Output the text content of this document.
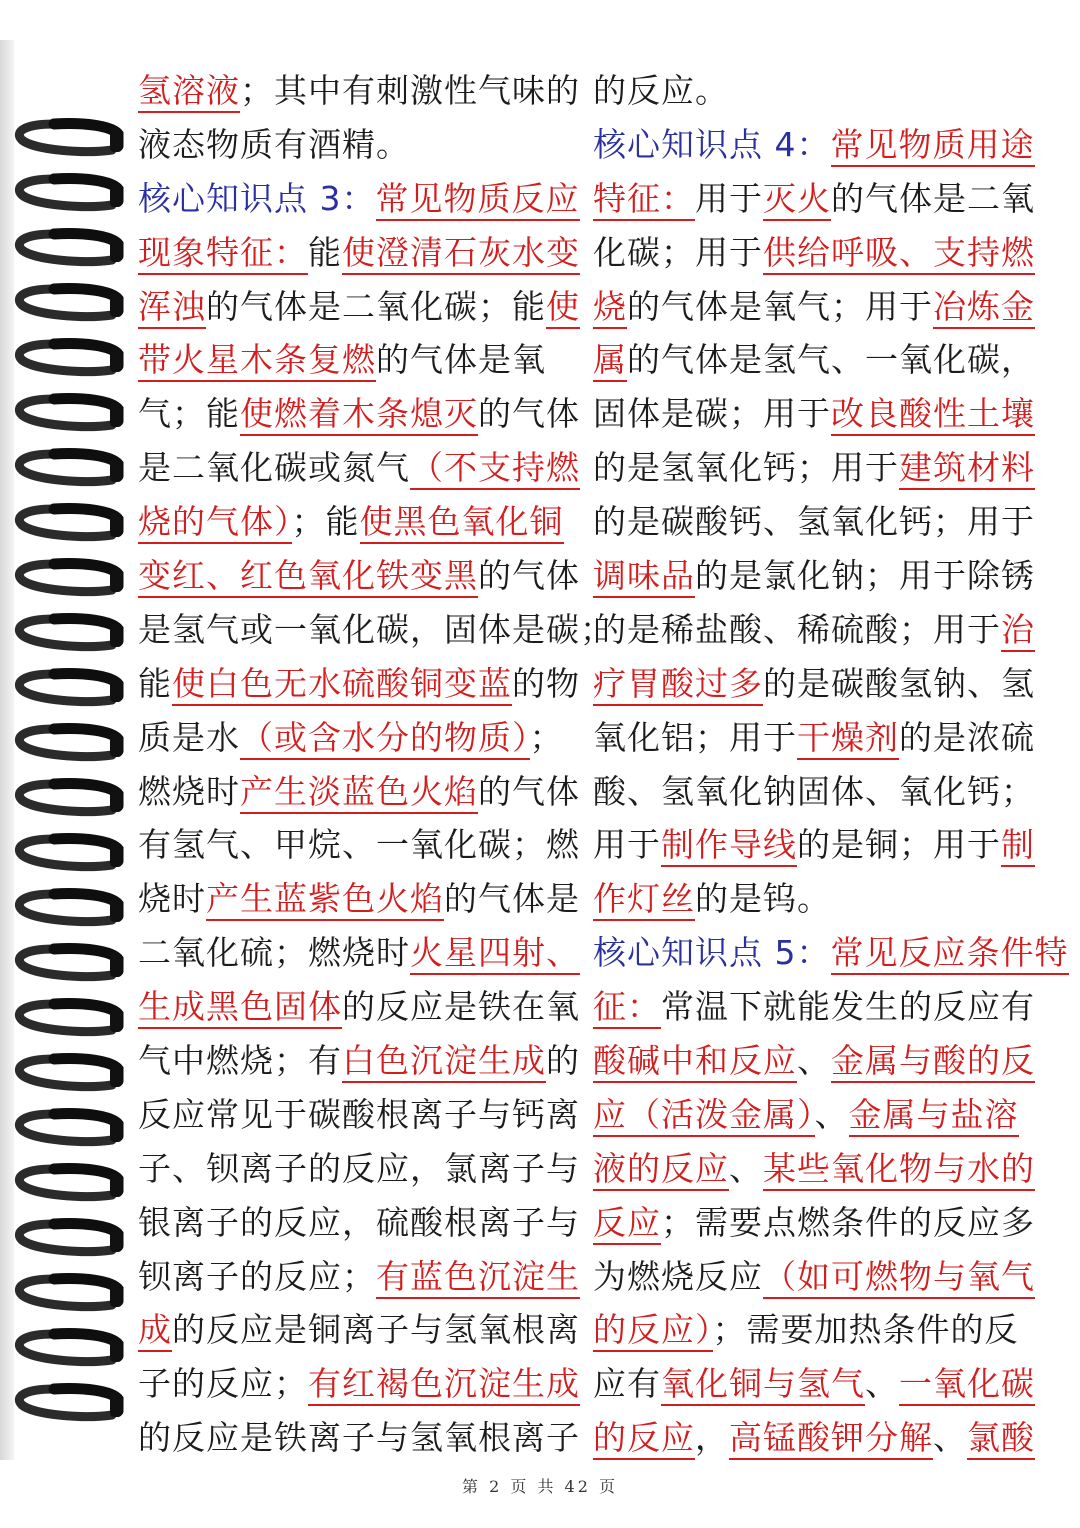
氢溶液；其中有刺激性气味的
液态物质有酒精。
核心知识点 3：常见物质反应
现象特征：能使澄清石灰水变
浑浊的气体是二氧化碳；能使
带火星木条复燃的气体是氧
气；能使燃着木条熄灭的气体
是二氧化碳或氮气（不支持燃
烧的气体）；能使黑色氧化铜
变红、红色氧化铁变黑的气体
是氢气或一氧化碳，固体是碳；
能使白色无水硫酸铜变蓝的物
质是水（或含水分的物质）；
燃烧时产生淡蓝色火焰的气体
有氢气、甲烷、一氧化碳；燃
烧时产生蓝紫色火焰的气体是
二氧化硫；燃烧时火星四射、
生成黑色固体的反应是铁在氧
气中燃烧；有白色沉淀生成的
反应常见于碳酸根离子与钙离
子、钡离子的反应，氯离子与
银离子的反应，硫酸根离子与
钡离子的反应；有蓝色沉淀生
成的反应是铜离子与氢氧根离
子的反应；有红褐色沉淀生成
的反应是铁离子与氢氧根离子
的反应。
核心知识点 4：常见物质用途
特征：用于灭火的气体是二氧
化碳；用于供给呼吸、支持燃
烧的气体是氧气；用于冶炼金
属的气体是氢气、一氧化碳，
固体是碳；用于改良酸性土壤
的是氢氧化钙；用于建筑材料
的是碳酸钙、氢氧化钙；用于
调味品的是氯化钠；用于除锈
的是稀盐酸、稀硫酸；用于治
疗胃酸过多的是碳酸氢钠、氢
氧化铝；用于干燥剂的是浓硫
酸、氢氧化钠固体、氧化钙；
用于制作导线的是铜；用于制
作灯丝的是钨。
核心知识点 5：常见反应条件特
征：常温下就能发生的反应有
酸碱中和反应、金属与酸的反
应（活泼金属）、金属与盐溶
液的反应、某些氧化物与水的
反应；需要点燃条件的反应多
为燃烧反应（如可燃物与氧气
的反应）；需要加热条件的反
应有氧化铜与氢气、一氧化碳
的反应，高锰酸钾分解、氯酸
第 2 页 共 42 页
